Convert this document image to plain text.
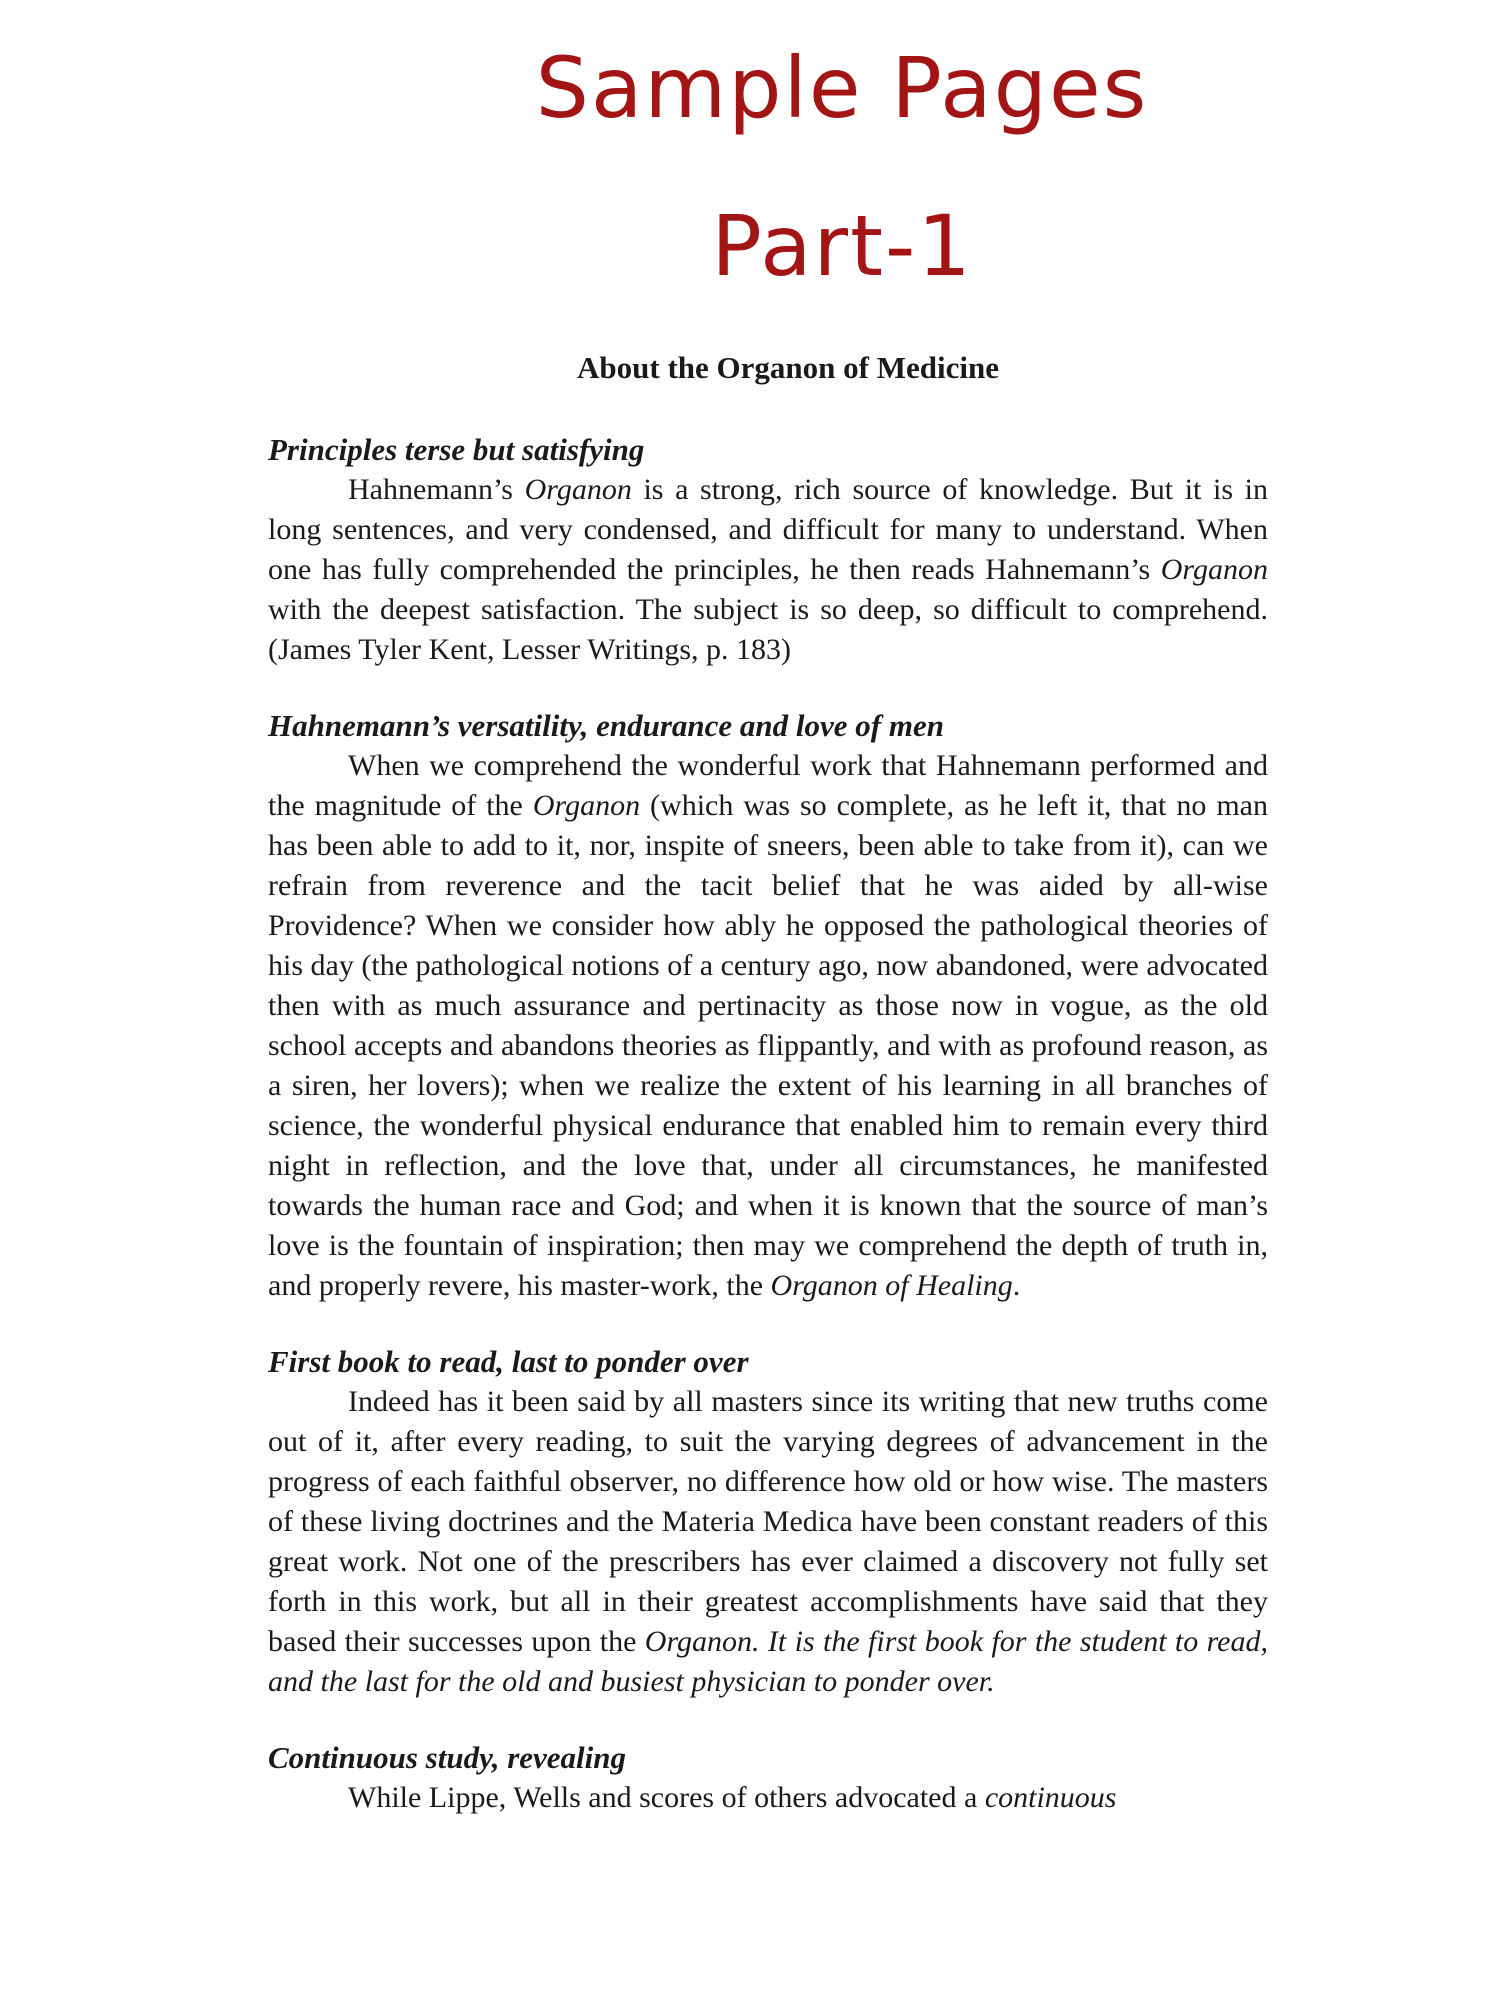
Sample Pages
Part-1
About the Organon of Medicine
Principles terse but satisfying

Hahnemann’s Organon is a strong, rich source of knowledge. But it is in long sentences, and very condensed, and difficult for many to understand. When one has fully comprehended the principles, he then reads Hahnemann’s Organon with the deepest satisfaction. The subject is so deep, so difficult to comprehend. (James Tyler Kent, Lesser Writings, p. 183)

Hahnemann’s versatility, endurance and love of men

When we comprehend the wonderful work that Hahnemann performed and the magnitude of the Organon (which was so complete, as he left it, that no man has been able to add to it, nor, inspite of sneers, been able to take from it), can we refrain from reverence and the tacit belief that he was aided by all-wise Providence? When we consider how ably he opposed the pathological theories of his day (the pathological notions of a century ago, now abandoned, were advocated then with as much assurance and pertinacity as those now in vogue, as the old school accepts and abandons theories as flippantly, and with as profound reason, as a siren, her lovers); when we realize the extent of his learning in all branches of science, the wonderful physical endurance that enabled him to remain every third night in reflection, and the love that, under all circumstances, he manifested towards the human race and God; and when it is known that the source of man’s love is the fountain of inspiration; then may we comprehend the depth of truth in, and properly revere, his master-work, the Organon of Healing.

First book to read, last to ponder over

Indeed has it been said by all masters since its writing that new truths come out of it, after every reading, to suit the varying degrees of advancement in the progress of each faithful observer, no difference how old or how wise. The masters of these living doctrines and the Materia Medica have been constant readers of this great work. Not one of the prescribers has ever claimed a discovery not fully set forth in this work, but all in their greatest accomplishments have said that they based their successes upon the Organon. It is the first book for the student to read, and the last for the old and busiest physician to ponder over.

Continuous study, revealing

While Lippe, Wells and scores of others advocated a continuous
